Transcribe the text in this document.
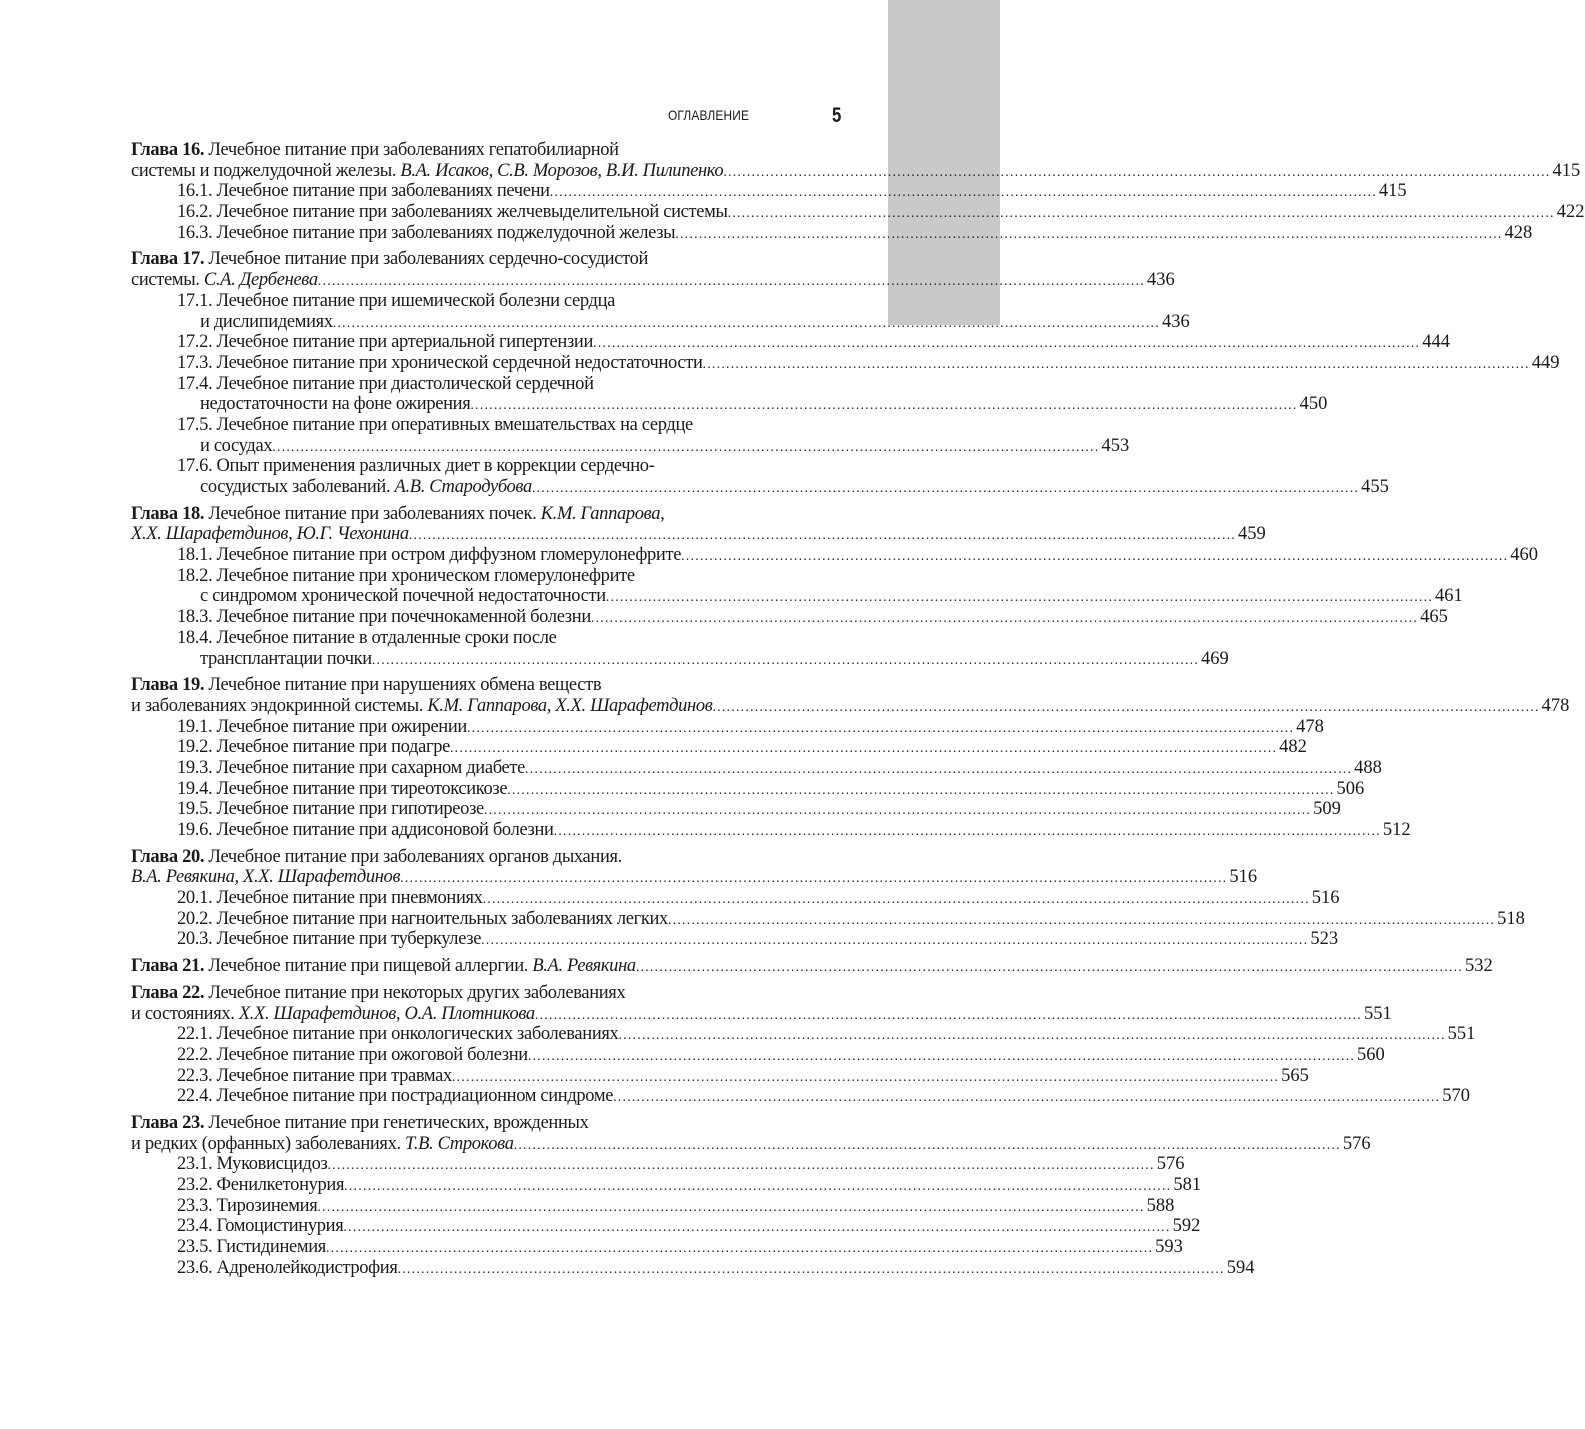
ОГЛАВЛЕНИЕ	5
Глава 16. Лечебное питание при заболеваниях гепатобилиарной
системы и поджелудочной железы. В.А. Исаков, С.В. Морозов, В.И. Пилипенко .....	415
16.1. Лечебное питание при заболеваниях печени .....	415
16.2. Лечебное питание при заболеваниях желчевыделительной системы .....	422
16.3. Лечебное питание при заболеваниях поджелудочной железы .....	428
Глава 17. Лечебное питание при заболеваниях сердечно-сосудистой
системы. С.А. Дербенева .....	436
17.1. Лечебное питание при ишемической болезни сердца
и дислипидемиях .....	436
17.2. Лечебное питание при артериальной гипертензии .....	444
17.3. Лечебное питание при хронической сердечной недостаточности .....	449
17.4. Лечебное питание при диастолической сердечной
недостаточности на фоне ожирения .....	450
17.5. Лечебное питание при оперативных вмешательствах на сердце
и сосудах .....	453
17.6. Опыт применения различных диет в коррекции сердечно-
сосудистых заболеваний. А.В. Стародубова .....	455
Глава 18. Лечебное питание при заболеваниях почек. К.М. Гаппарова,
Х.Х. Шарафетдинов, Ю.Г. Чехонина .....	459
18.1. Лечебное питание при остром диффузном гломерулонефрите .....	460
18.2. Лечебное питание при хроническом гломерулонефрите
с синдромом хронической почечной недостаточности .....	461
18.3. Лечебное питание при почечнокаменной болезни .....	465
18.4. Лечебное питание в отдаленные сроки после
трансплантации почки .....	469
Глава 19. Лечебное питание при нарушениях обмена веществ
и заболеваниях эндокринной системы. К.М. Гаппарова, Х.Х. Шарафетдинов .....	478
19.1. Лечебное питание при ожирении .....	478
19.2. Лечебное питание при подагре .....	482
19.3. Лечебное питание при сахарном диабете .....	488
19.4. Лечебное питание при тиреотоксикозе .....	506
19.5. Лечебное питание при гипотиреозе .....	509
19.6. Лечебное питание при аддисоновой болезни .....	512
Глава 20. Лечебное питание при заболеваниях органов дыхания.
В.А. Ревякина, Х.Х. Шарафетдинов .....	516
20.1. Лечебное питание при пневмониях .....	516
20.2. Лечебное питание при нагноительных заболеваниях легких .....	518
20.3. Лечебное питание при туберкулезе .....	523
Глава 21. Лечебное питание при пищевой аллергии. В.А. Ревякина .....	532
Глава 22. Лечебное питание при некоторых других заболеваниях
и состояниях. Х.Х. Шарафетдинов, О.А. Плотникова .....	551
22.1. Лечебное питание при онкологических заболеваниях .....	551
22.2. Лечебное питание при ожоговой болезни .....	560
22.3. Лечебное питание при травмах .....	565
22.4. Лечебное питание при пострадиационном синдроме .....	570
Глава 23. Лечебное питание при генетических, врожденных
и редких (орфанных) заболеваниях. Т.В. Строкова .....	576
23.1. Муковисцидоз .....	576
23.2. Фенилкетонурия .....	581
23.3. Тирозинемия .....	588
23.4. Гомоцистинурия .....	592
23.5. Гистидинемия .....	593
23.6. Адренолейкодистрофия .....	594
